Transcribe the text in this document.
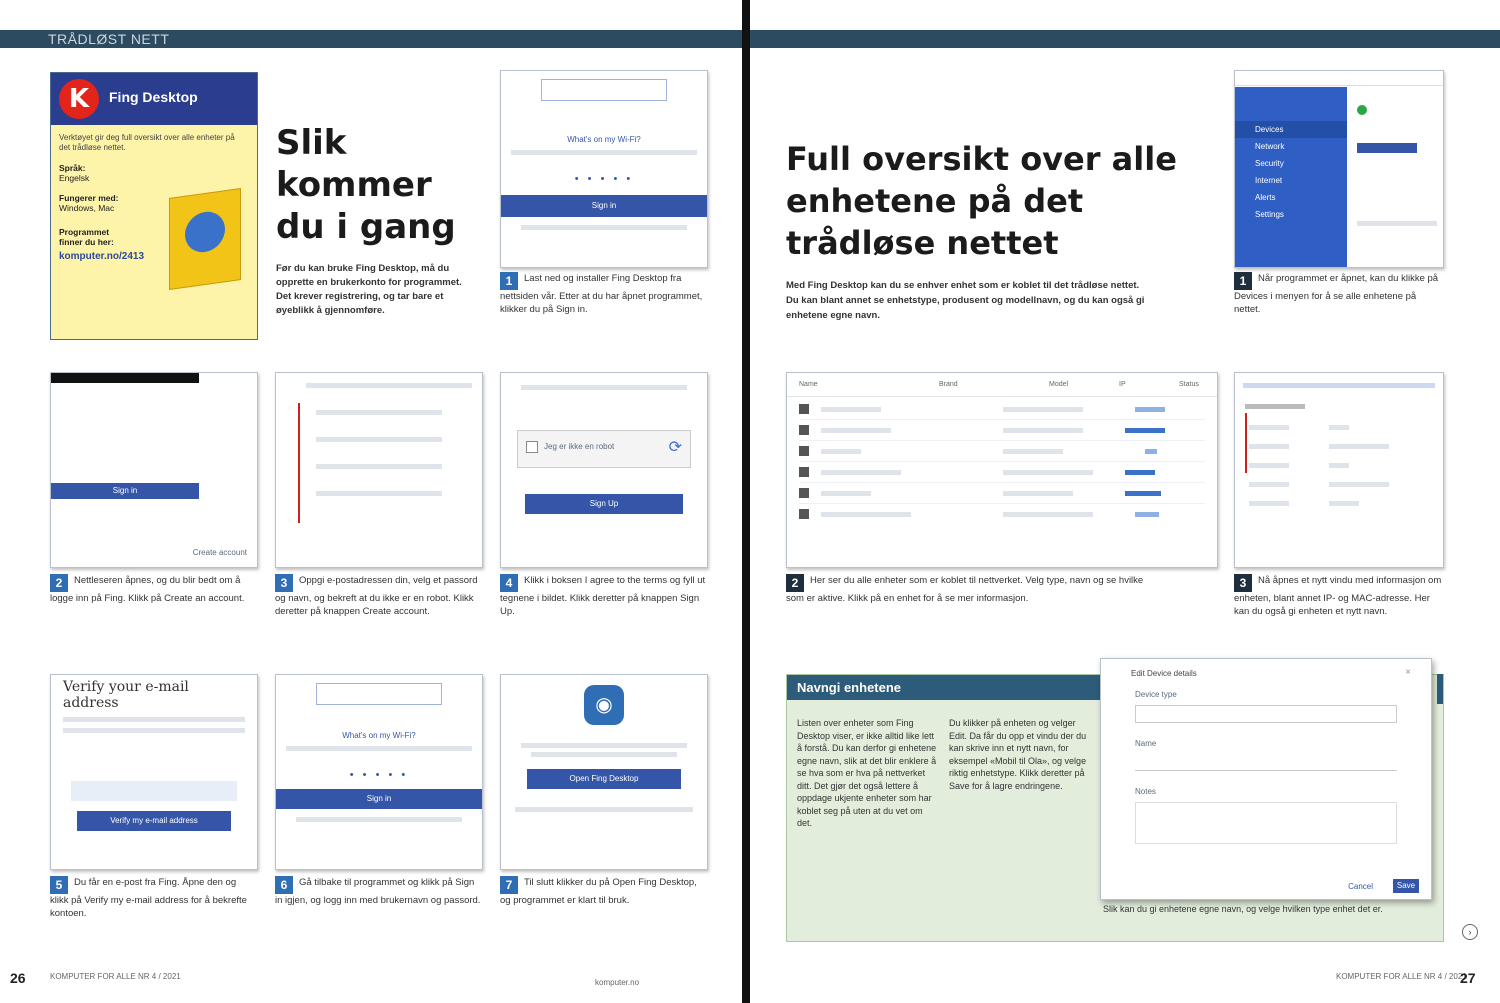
TRÅDLØST NETT
K	Fing Desktop
Verktøyet gir deg full oversikt over alle enheter på det trådløse nettet.
Språk:
Engelsk
Fungerer med:
Windows, Mac
Programmet finner du her:
komputer.no/2413
Slik kommer du i gang
Før du kan bruke Fing Desktop, må du opprette en brukerkonto for programmet. Det krever registrering, og tar bare et øyeblikk å gjennomføre.
What's on my Wi-Fi?
• • • • •
Sign in
1 Last ned og installer Fing Desktop fra nettsiden vår. Etter at du har åpnet programmet, klikker du på Sign in.
Sign in
Create account
2 Nettleseren åpnes, og du blir bedt om å logge inn på Fing. Klikk på Create an account.
3 Oppgi e-postadressen din, velg et passord og navn, og bekreft at du ikke er en robot. Klikk deretter på knappen Create account.
Jeg er ikke en robot	⟳
Sign Up
4 Klikk i boksen I agree to the terms og fyll ut tegnene i bildet. Klikk deretter på knappen Sign Up.
Verify your e-mail address
Verify my e-mail address
5 Du får en e-post fra Fing. Åpne den og klikk på Verify my e-mail address for å bekrefte kontoen.
What's on my Wi-Fi?
• • • • •
Sign in
6 Gå tilbake til programmet og klikk på Sign in igjen, og logg inn med brukernavn og passord.
◉
Open Fing Desktop
7 Til slutt klikker du på Open Fing Desktop, og programmet er klart til bruk.
26	KOMPUTER FOR ALLE NR 4 / 2021
komputer.no
Full oversikt over alle enhetene på det trådløse nettet
Med Fing Desktop kan du se enhver enhet som er koblet til det trådløse nettet. Du kan blant annet se enhetstype, produsent og modellnavn, og du kan også gi enhetene egne navn.
Devices
Network
Security
Internet
Alerts
Settings
1 Når programmet er åpnet, kan du klikke på Devices i menyen for å se alle enhetene på nettet.
Name	Brand	Model	IP	Status
2 Her ser du alle enheter som er koblet til nettverket. Velg type, navn og se hvilke som er aktive. Klikk på en enhet for å se mer informasjon.
3 Nå åpnes et nytt vindu med informasjon om enheten, blant annet IP- og MAC-adresse. Her kan du også gi enheten et nytt navn.
Navngi enhetene
Listen over enheter som Fing Desktop viser, er ikke alltid like lett å forstå. Du kan derfor gi enhetene egne navn, slik at det blir enklere å se hva som er hva på nettverket ditt. Det gjør det også lettere å oppdage ukjente enheter som har koblet seg på uten at du vet om det.
Du klikker på enheten og velger Edit. Da får du opp et vindu der du kan skrive inn et nytt navn, for eksempel «Mobil til Ola», og velge riktig enhetstype. Klikk deretter på Save for å lagre endringene.
Slik kan du gi enhetene egne navn, og velge hvilken type enhet det er.
Edit Device details	×
Device type
Name
Notes
Cancel	Save
›
KOMPUTER FOR ALLE NR 4 / 2021
27
